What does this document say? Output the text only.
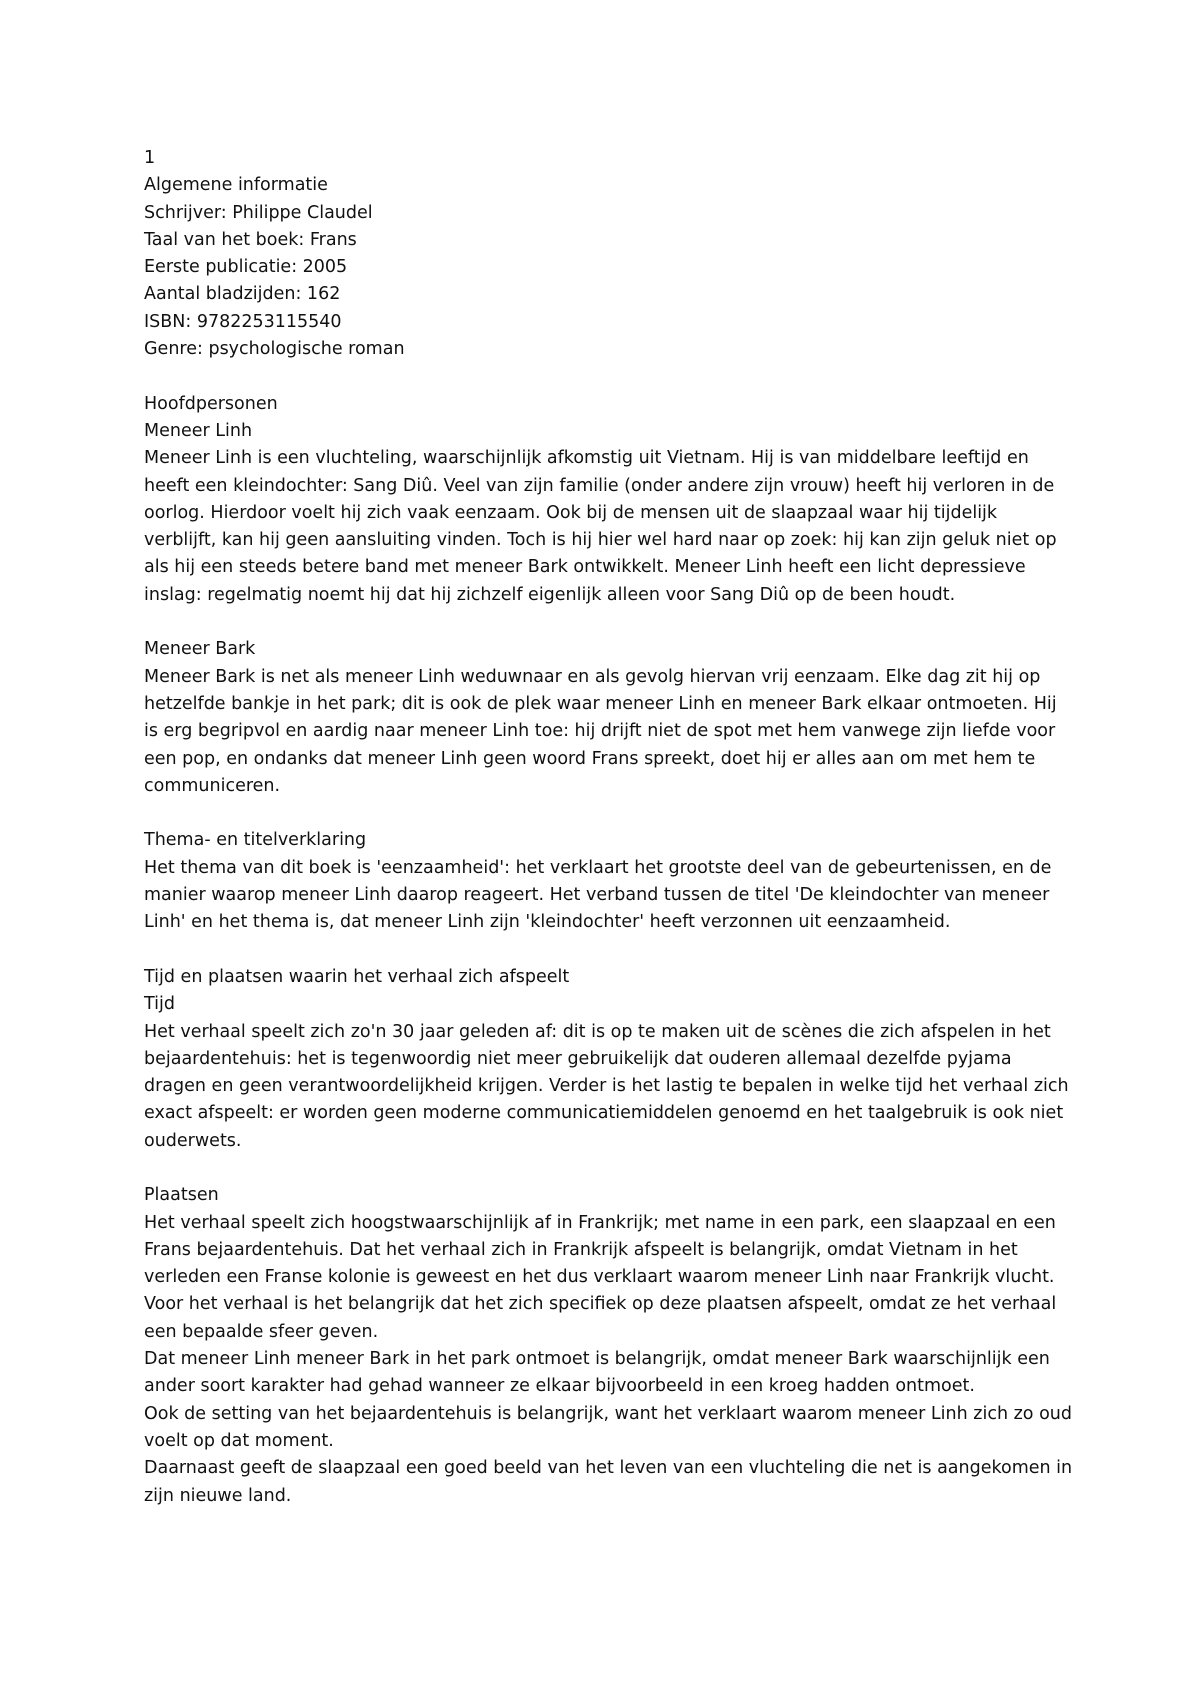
1

Algemene informatie

Schrijver: Philippe Claudel

Taal van het boek: Frans

Eerste publicatie: 2005

Aantal bladzijden: 162

ISBN: 9782253115540

Genre: psychologische roman

Hoofdpersonen

Meneer Linh

Meneer Linh is een vluchteling, waarschijnlijk afkomstig uit Vietnam. Hij is van middelbare leeftijd en heeft een kleindochter: Sang Diû. Veel van zijn familie (onder andere zijn vrouw) heeft hij verloren in de oorlog. Hierdoor voelt hij zich vaak eenzaam. Ook bij de mensen uit de slaapzaal waar hij tijdelijk verblijft, kan hij geen aansluiting vinden. Toch is hij hier wel hard naar op zoek: hij kan zijn geluk niet op als hij een steeds betere band met meneer Bark ontwikkelt. Meneer Linh heeft een licht depressieve inslag: regelmatig noemt hij dat hij zichzelf eigenlijk alleen voor Sang Diû op de been houdt.

Meneer Bark

Meneer Bark is net als meneer Linh weduwnaar en als gevolg hiervan vrij eenzaam. Elke dag zit hij op hetzelfde bankje in het park; dit is ook de plek waar meneer Linh en meneer Bark elkaar ontmoeten. Hij is erg begripvol en aardig naar meneer Linh toe: hij drijft niet de spot met hem vanwege zijn liefde voor een pop, en ondanks dat meneer Linh geen woord Frans spreekt, doet hij er alles aan om met hem te communiceren.

Thema- en titelverklaring

Het thema van dit boek is 'eenzaamheid': het verklaart het grootste deel van de gebeurtenissen, en de manier waarop meneer Linh daarop reageert. Het verband tussen de titel 'De kleindochter van meneer Linh' en het thema is, dat meneer Linh zijn 'kleindochter' heeft verzonnen uit eenzaamheid.

Tijd en plaatsen waarin het verhaal zich afspeelt

Tijd

Het verhaal speelt zich zo'n 30 jaar geleden af: dit is op te maken uit de scènes die zich afspelen in het bejaardentehuis: het is tegenwoordig niet meer gebruikelijk dat ouderen allemaal dezelfde pyjama dragen en geen verantwoordelijkheid krijgen. Verder is het lastig te bepalen in welke tijd het verhaal zich exact afspeelt: er worden geen moderne communicatiemiddelen genoemd en het taalgebruik is ook niet ouderwets.

Plaatsen

Het verhaal speelt zich hoogstwaarschijnlijk af in Frankrijk; met name in een park, een slaapzaal en een Frans bejaardentehuis. Dat het verhaal zich in Frankrijk afspeelt is belangrijk, omdat Vietnam in het verleden een Franse kolonie is geweest en het dus verklaart waarom meneer Linh naar Frankrijk vlucht.

Voor het verhaal is het belangrijk dat het zich specifiek op deze plaatsen afspeelt, omdat ze het verhaal een bepaalde sfeer geven.

Dat meneer Linh meneer Bark in het park ontmoet is belangrijk, omdat meneer Bark waarschijnlijk een ander soort karakter had gehad wanneer ze elkaar bijvoorbeeld in een kroeg hadden ontmoet.

Ook de setting van het bejaardentehuis is belangrijk, want het verklaart waarom meneer Linh zich zo oud voelt op dat moment.

Daarnaast geeft de slaapzaal een goed beeld van het leven van een vluchteling die net is aangekomen in zijn nieuwe land.
